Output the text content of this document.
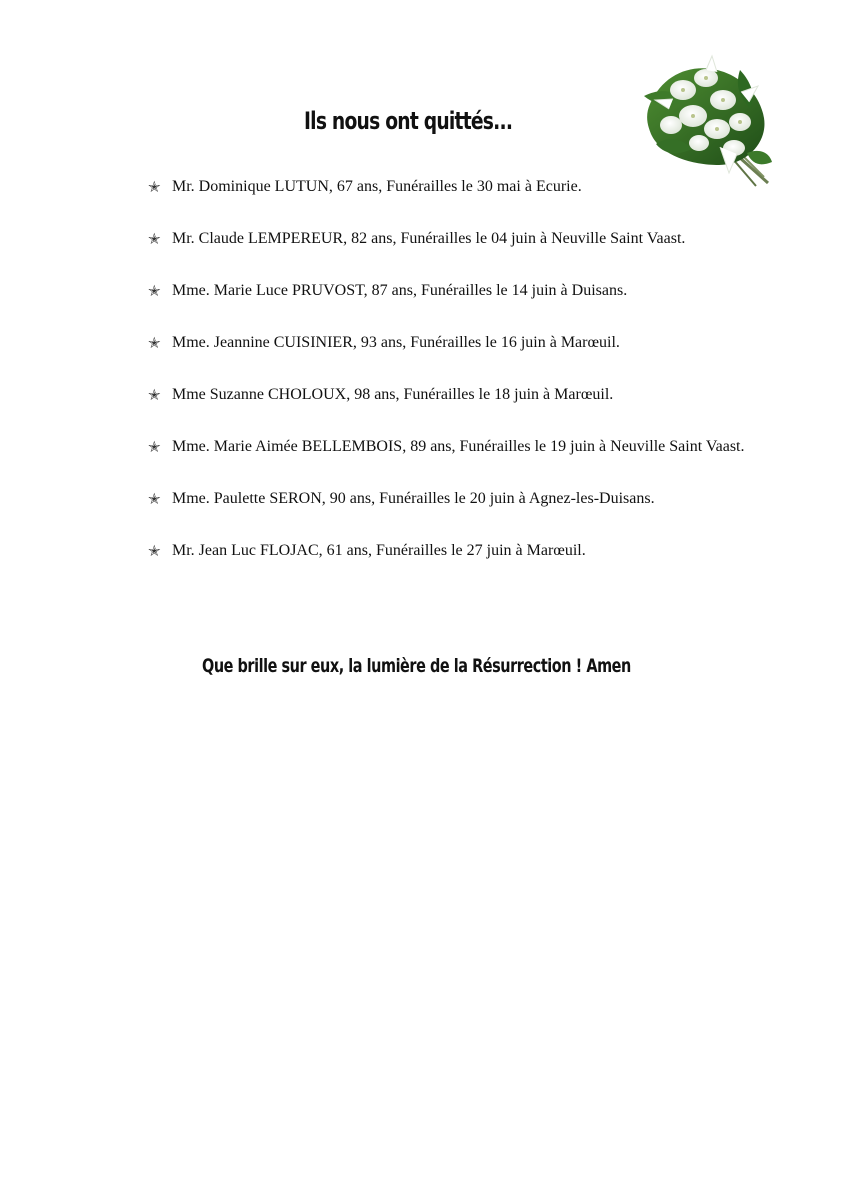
Ils nous ont quittés...
✭ Mr. Dominique LUTUN, 67 ans, Funérailles le 30 mai à Ecurie.
✭ Mr. Claude LEMPEREUR, 82 ans, Funérailles le 04 juin à Neuville Saint Vaast.
✭ Mme. Marie Luce PRUVOST, 87 ans, Funérailles le 14 juin à Duisans.
✭ Mme. Jeannine CUISINIER, 93 ans, Funérailles le 16 juin à Marœuil.
✭ Mme Suzanne CHOLOUX, 98 ans, Funérailles le 18 juin à Marœuil.
✭ Mme. Marie Aimée BELLEMBOIS, 89 ans, Funérailles le 19 juin à Neuville Saint Vaast.
✭ Mme. Paulette SERON, 90 ans, Funérailles le 20 juin à Agnez-les-Duisans.
✭ Mr. Jean Luc FLOJAC, 61 ans, Funérailles le 27 juin à Marœuil.
Que brille sur eux, la lumière de la Résurrection ! Amen
